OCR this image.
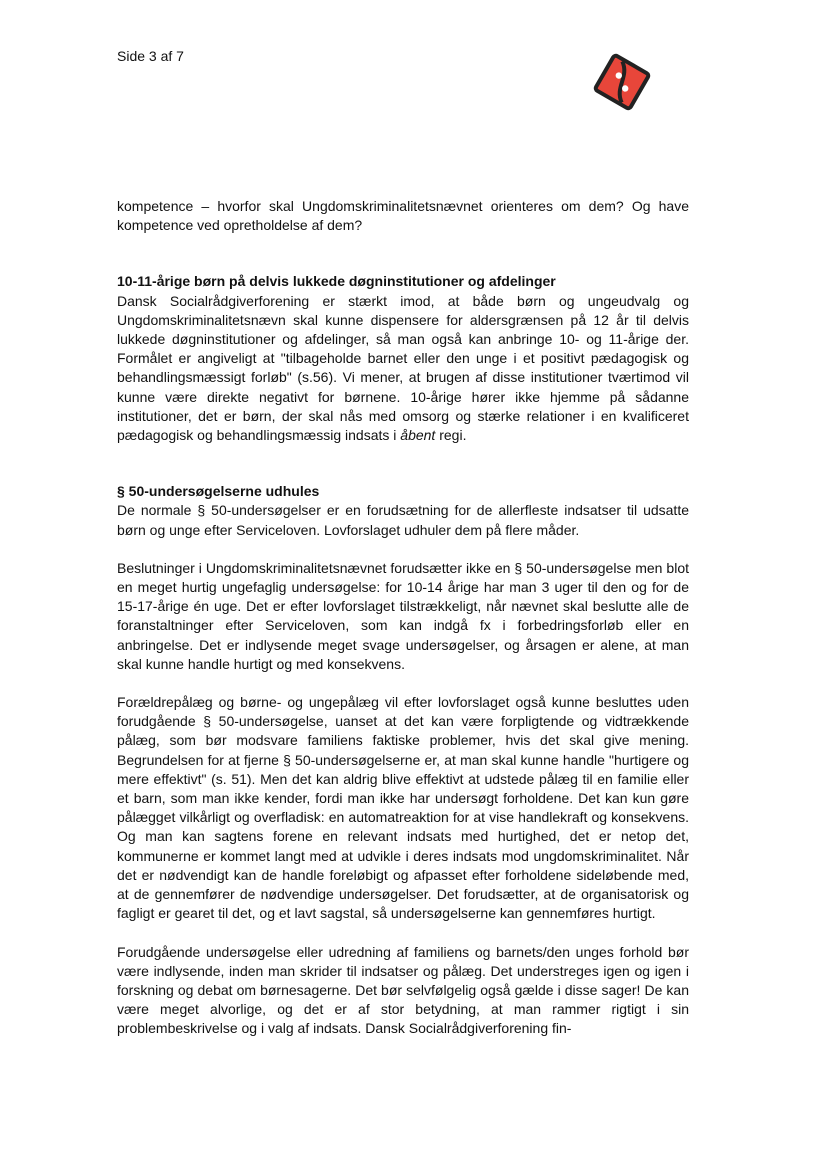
Side 3 af 7

kompetence – hvorfor skal Ungdomskriminalitetsnævnet orienteres om dem? Og have kompetence ved opretholdelse af dem?

10-11-årige børn på delvis lukkede døgninstitutioner og afdelinger

Dansk Socialrådgiverforening er stærkt imod, at både børn og ungeudvalg og Ungdomskriminalitetsnævn skal kunne dispensere for aldersgrænsen på 12 år til delvis lukkede døgninstitutioner og afdelinger, så man også kan anbringe 10- og 11-årige der. Formålet er angiveligt at "tilbageholde barnet eller den unge i et positivt pædagogisk og behandlingsmæssigt forløb" (s.56). Vi mener, at brugen af disse institutioner tværtimod vil kunne være direkte negativt for børnene. 10-årige hører ikke hjemme på sådanne institutioner, det er børn, der skal nås med omsorg og stærke relationer i en kvalificeret pædagogisk og behandlingsmæssig indsats i åbent regi.

§ 50-undersøgelserne udhules

De normale § 50-undersøgelser er en forudsætning for de allerfleste indsatser til udsatte børn og unge efter Serviceloven. Lovforslaget udhuler dem på flere måder.

Beslutninger i Ungdomskriminalitetsnævnet forudsætter ikke en § 50-undersøgelse men blot en meget hurtig ungefaglig undersøgelse: for 10-14 årige har man 3 uger til den og for de 15-17-årige én uge. Det er efter lovforslaget tilstrækkeligt, når nævnet skal beslutte alle de foranstaltninger efter Serviceloven, som kan indgå fx i forbedringsforløb eller en anbringelse. Det er indlysende meget svage undersøgelser, og årsagen er alene, at man skal kunne handle hurtigt og med konsekvens.

Forældrepålæg og børne- og ungepålæg vil efter lovforslaget også kunne besluttes uden forudgående § 50-undersøgelse, uanset at det kan være forpligtende og vidtrækkende pålæg, som bør modsvare familiens faktiske problemer, hvis det skal give mening. Begrundelsen for at fjerne § 50-undersøgelserne er, at man skal kunne handle "hurtigere og mere effektivt" (s. 51). Men det kan aldrig blive effektivt at udstede pålæg til en familie eller et barn, som man ikke kender, fordi man ikke har undersøgt forholdene. Det kan kun gøre pålægget vilkårligt og overfladisk: en automatreaktion for at vise handlekraft og konsekvens. Og man kan sagtens forene en relevant indsats med hurtighed, det er netop det, kommunerne er kommet langt med at udvikle i deres indsats mod ungdomskriminalitet. Når det er nødvendigt kan de handle foreløbigt og afpasset efter forholdene sideløbende med, at de gennemfører de nødvendige undersøgelser. Det forudsætter, at de organisatorisk og fagligt er gearet til det, og et lavt sagstal, så undersøgelserne kan gennemføres hurtigt.

Forudgående undersøgelse eller udredning af familiens og barnets/den unges forhold bør være indlysende, inden man skrider til indsatser og pålæg. Det understreges igen og igen i forskning og debat om børnesagerne. Det bør selvfølgelig også gælde i disse sager! De kan være meget alvorlige, og det er af stor betydning, at man rammer rigtigt i sin problembeskrivelse og i valg af indsats. Dansk Socialrådgiverforening fin-
